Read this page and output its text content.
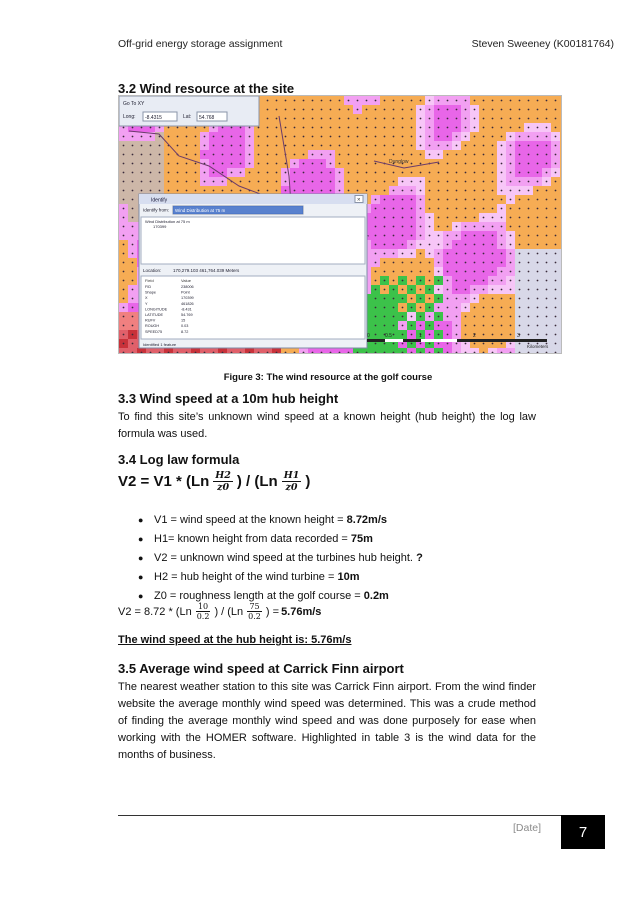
Off-grid energy storage assignment	Steven Sweeney (K00181764)
3.2 Wind resource at the site
Go To XY
Long: -8.4315	Lat: 54.768
Dunglow
Identify	×
Identify from: Wind Distribution at 75 m
Wind Distribution at 75 m
170399
Location:	170,279.103 461,764.039 Meters
Field	Value
FID	238006
Shape	Point
X	170399
Y	461826
LONGITUDE	-8.431
LATITUDE	54.769
RUFV	15
ROUGH	0.03
SPEED75	8.72
Identified 1 feature
0	0.5	1	2	3
Kilometers
Figure 3: The wind resource at the golf course
3.3 Wind speed at a 10m hub height

To find this site’s unknown wind speed at a known height (hub height) the log law formula was used.

3.4 Log law formula
$V2 = V1 * (Ln \frac{H2}{z0}$ ) / ($Ln \frac{H1}{z0}$ )
● V1 = wind speed at the known height =
8.72m/s
● H1= known height from data recorded =
75m
● V2 = unknown wind speed at the turbines hub height.
?
● H2 = hub height of the wind turbine =
10m
● Z0 = roughness length at the golf course =
0.2m
$V2 = 8.72 * (Ln \frac{10}{0.2}$ ) / ($Ln \frac{75}{0.2}$ ) = 5.76m/s
The wind speed at the hub height is: 5.76m/s
3.5 Average wind speed at Carrick Finn airport

The nearest weather station to this site was Carrick Finn airport. From the wind finder website the average monthly wind speed was determined. This was a crude method of finding the average monthly wind speed and was done purposely for ease when working with the HOMER software. Highlighted in table 3 is the wind data for the months of business.

[Date]	7
